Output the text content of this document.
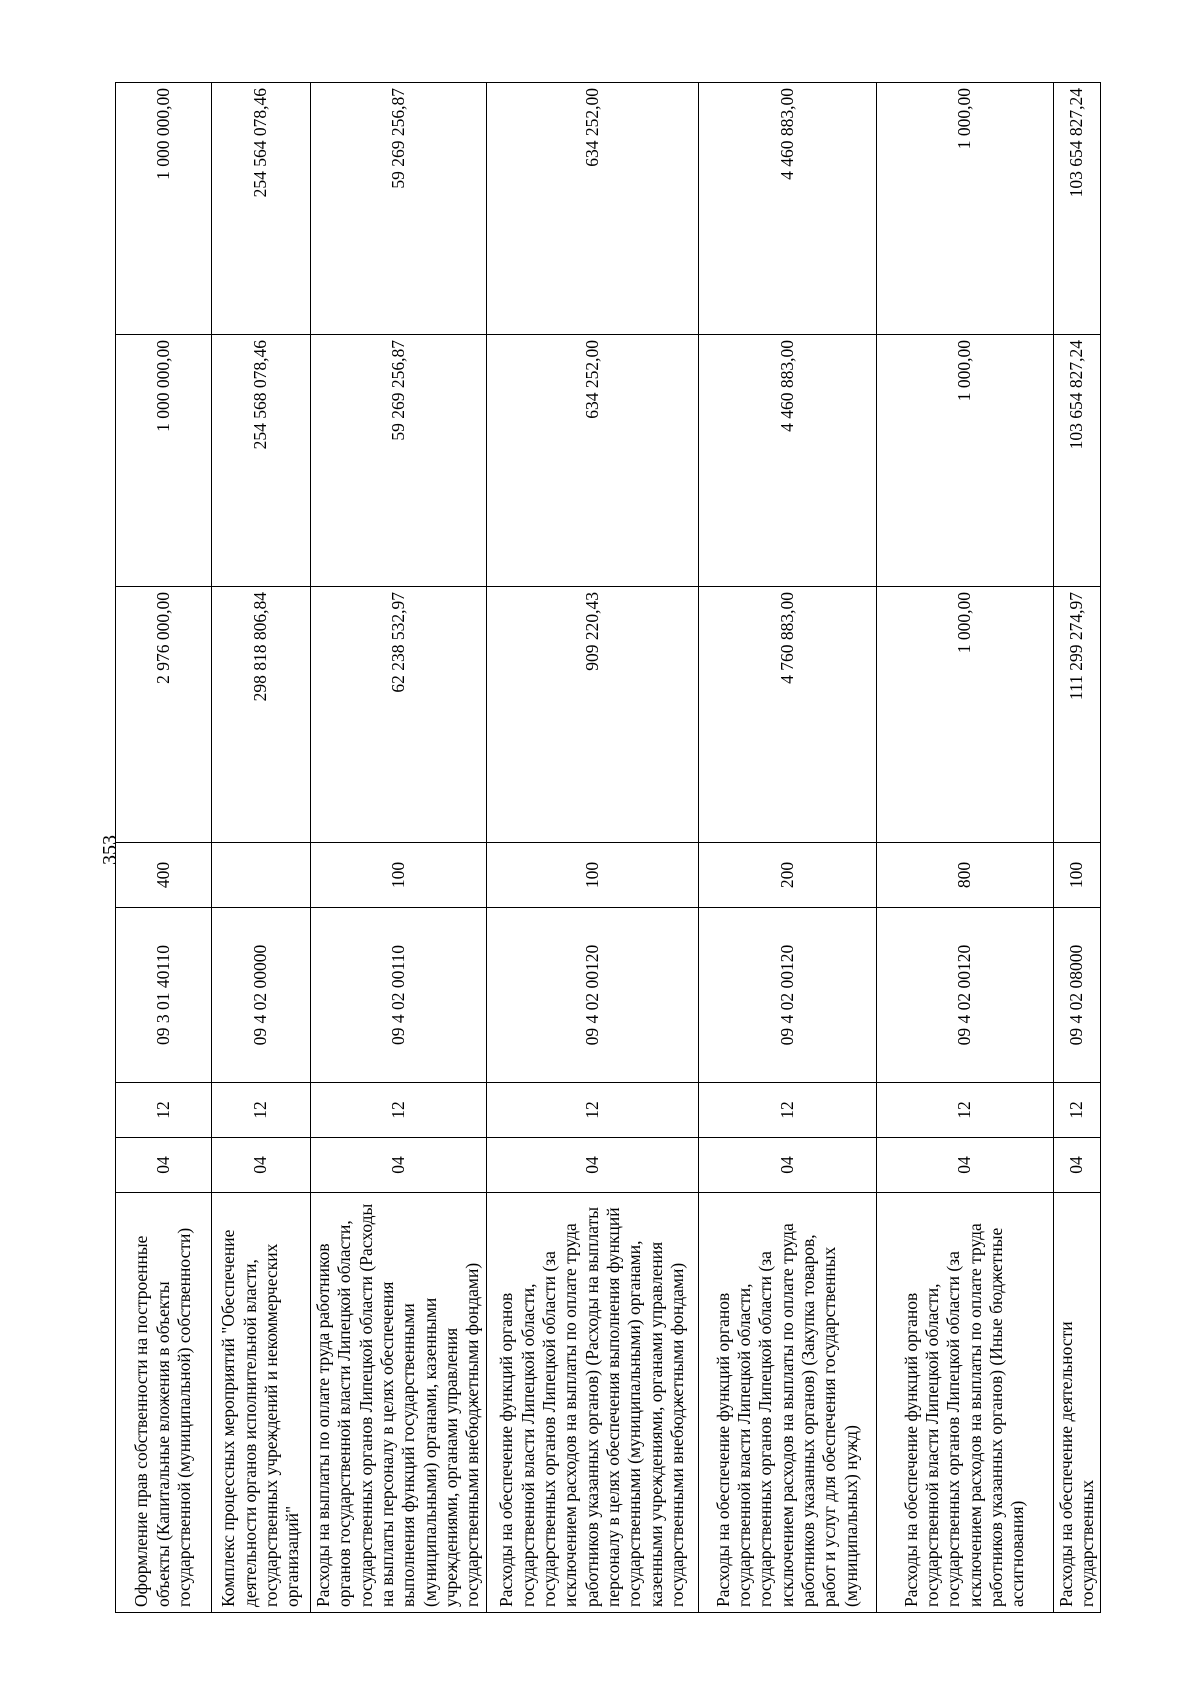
353
Оформление прав собственности на построенные объекты (Капитальные вложения в объекты государственной (муниципальной) собственности)	04	12	09 3 01 40110	400	2 976 000,00	1 000 000,00	1 000 000,00
Комплекс процессных мероприятий "Обеспечение деятельности органов исполнительной власти, государственных учреждений и некоммерческих организаций"	04	12	09 4 02 00000		298 818 806,84	254 568 078,46	254 564 078,46
Расходы на выплаты по оплате труда работников органов государственной власти Липецкой области, государственных органов Липецкой области (Расходы на выплаты персоналу в целях обеспечения выполнения функций государственными (муниципальными) органами, казенными учреждениями, органами управления государственными внебюджетными фондами)	04	12	09 4 02 00110	100	62 238 532,97	59 269 256,87	59 269 256,87
Расходы на обеспечение функций органов государственной власти Липецкой области, государственных органов Липецкой области (за исключением расходов на выплаты по оплате труда работников указанных органов) (Расходы на выплаты персоналу в целях обеспечения выполнения функций государственными (муниципальными) органами, казенными учреждениями, органами управления государственными внебюджетными фондами)	04	12	09 4 02 00120	100	909 220,43	634 252,00	634 252,00
Расходы на обеспечение функций органов государственной власти Липецкой области, государственных органов Липецкой области (за исключением расходов на выплаты по оплате труда работников указанных органов) (Закупка товаров, работ и услуг для обеспечения государственных (муниципальных) нужд)	04	12	09 4 02 00120	200	4 760 883,00	4 460 883,00	4 460 883,00
Расходы на обеспечение функций органов государственной власти Липецкой области, государственных органов Липецкой области (за исключением расходов на выплаты по оплате труда работников указанных органов) (Иные бюджетные ассигнования)	04	12	09 4 02 00120	800	1 000,00	1 000,00	1 000,00
Расходы на обеспечение деятельности государственных	04	12	09 4 02 08000	100	111 299 274,97	103 654 827,24	103 654 827,24
